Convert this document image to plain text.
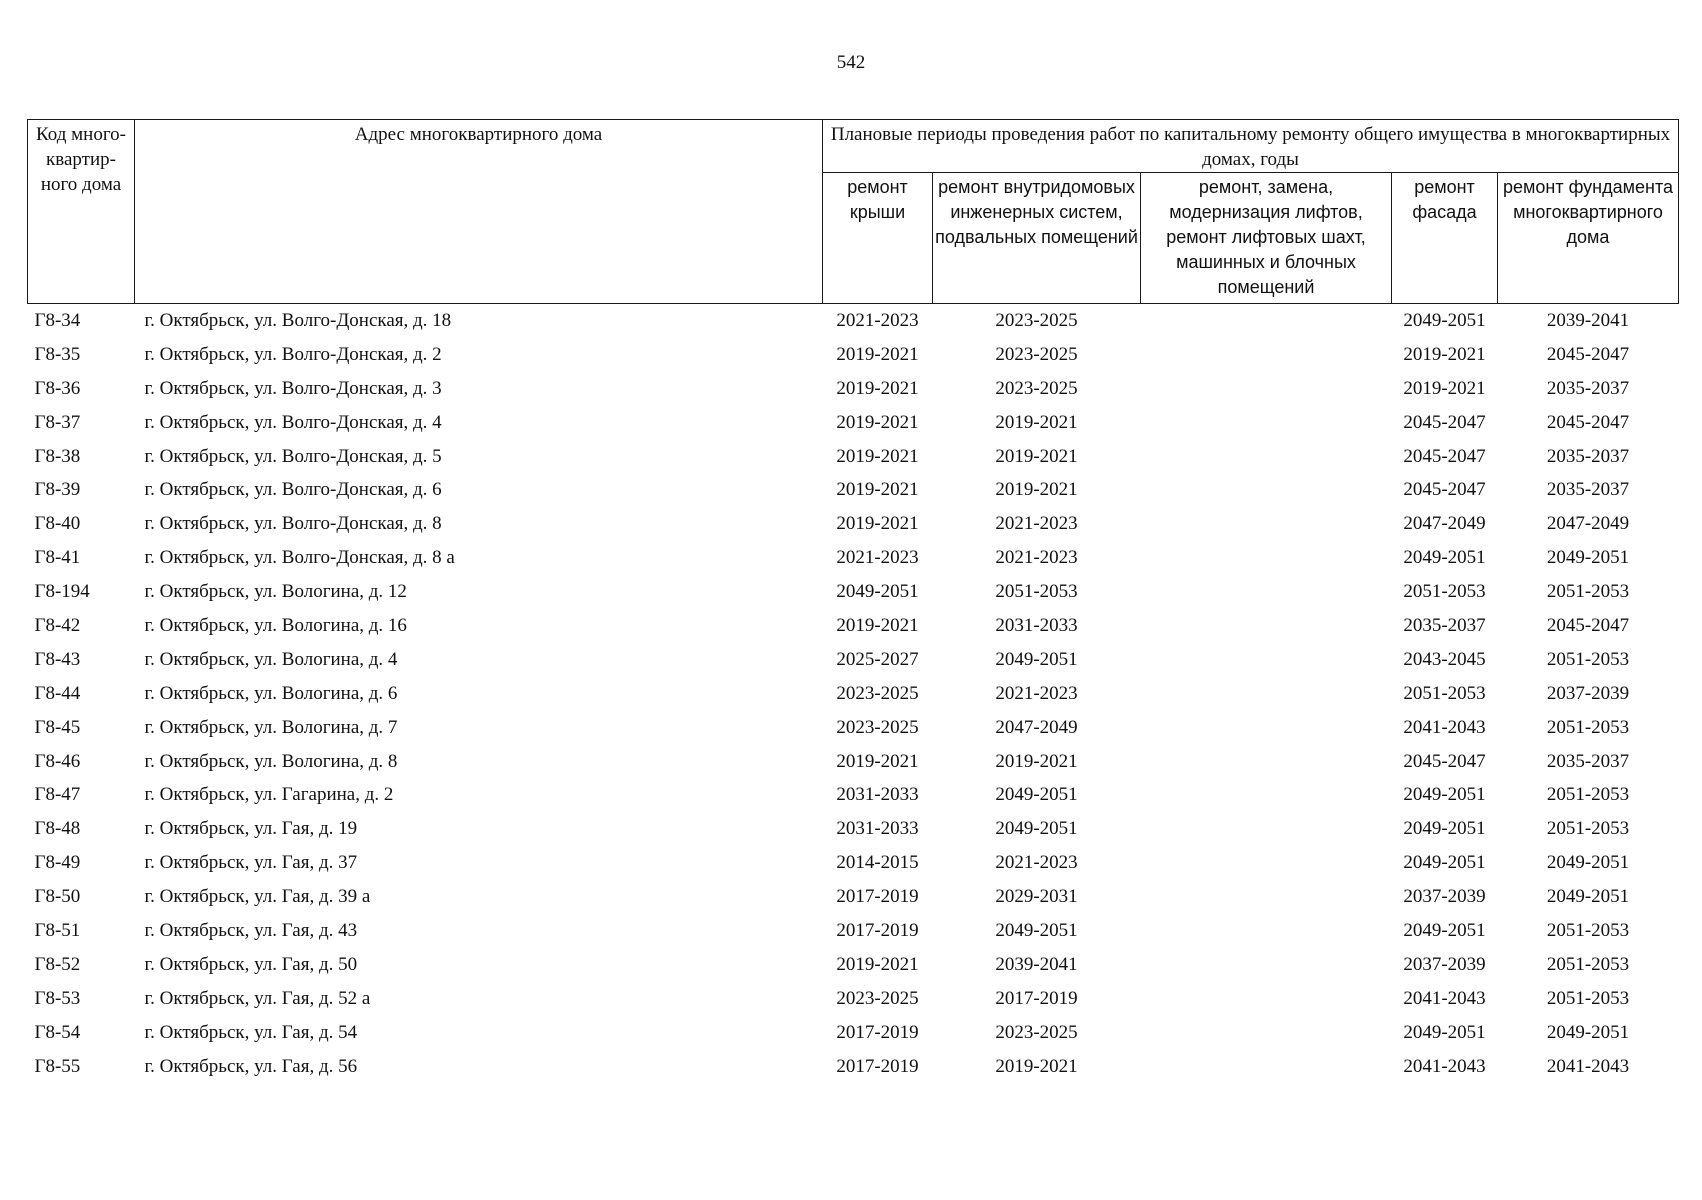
542
Код много-квартир-ного дома	Адрес многоквартирного дома	Плановые периоды проведения работ по капитальному ремонту общего имущества в многоквартирных домах, годы				
		ремонт крыши	ремонт внутридомовых инженерных систем, подвальных помещений	ремонт, замена, модернизация лифтов, ремонт лифтовых шахт, машинных и блочных помещений	ремонт фасада	ремонт фундамента многоквартирного дома
Г8-34	г. Октябрьск, ул. Волго-Донская, д. 18	2021-2023	2023-2025		2049-2051	2039-2041
Г8-35	г. Октябрьск, ул. Волго-Донская, д. 2	2019-2021	2023-2025		2019-2021	2045-2047
Г8-36	г. Октябрьск, ул. Волго-Донская, д. 3	2019-2021	2023-2025		2019-2021	2035-2037
Г8-37	г. Октябрьск, ул. Волго-Донская, д. 4	2019-2021	2019-2021		2045-2047	2045-2047
Г8-38	г. Октябрьск, ул. Волго-Донская, д. 5	2019-2021	2019-2021		2045-2047	2035-2037
Г8-39	г. Октябрьск, ул. Волго-Донская, д. 6	2019-2021	2019-2021		2045-2047	2035-2037
Г8-40	г. Октябрьск, ул. Волго-Донская, д. 8	2019-2021	2021-2023		2047-2049	2047-2049
Г8-41	г. Октябрьск, ул. Волго-Донская, д. 8 а	2021-2023	2021-2023		2049-2051	2049-2051
Г8-194	г. Октябрьск, ул. Вологина, д. 12	2049-2051	2051-2053		2051-2053	2051-2053
Г8-42	г. Октябрьск, ул. Вологина, д. 16	2019-2021	2031-2033		2035-2037	2045-2047
Г8-43	г. Октябрьск, ул. Вологина, д. 4	2025-2027	2049-2051		2043-2045	2051-2053
Г8-44	г. Октябрьск, ул. Вологина, д. 6	2023-2025	2021-2023		2051-2053	2037-2039
Г8-45	г. Октябрьск, ул. Вологина, д. 7	2023-2025	2047-2049		2041-2043	2051-2053
Г8-46	г. Октябрьск, ул. Вологина, д. 8	2019-2021	2019-2021		2045-2047	2035-2037
Г8-47	г. Октябрьск, ул. Гагарина, д. 2	2031-2033	2049-2051		2049-2051	2051-2053
Г8-48	г. Октябрьск, ул. Гая, д. 19	2031-2033	2049-2051		2049-2051	2051-2053
Г8-49	г. Октябрьск, ул. Гая, д. 37	2014-2015	2021-2023		2049-2051	2049-2051
Г8-50	г. Октябрьск, ул. Гая, д. 39 а	2017-2019	2029-2031		2037-2039	2049-2051
Г8-51	г. Октябрьск, ул. Гая, д. 43	2017-2019	2049-2051		2049-2051	2051-2053
Г8-52	г. Октябрьск, ул. Гая, д. 50	2019-2021	2039-2041		2037-2039	2051-2053
Г8-53	г. Октябрьск, ул. Гая, д. 52 а	2023-2025	2017-2019		2041-2043	2051-2053
Г8-54	г. Октябрьск, ул. Гая, д. 54	2017-2019	2023-2025		2049-2051	2049-2051
Г8-55	г. Октябрьск, ул. Гая, д. 56	2017-2019	2019-2021		2041-2043	2041-2043
